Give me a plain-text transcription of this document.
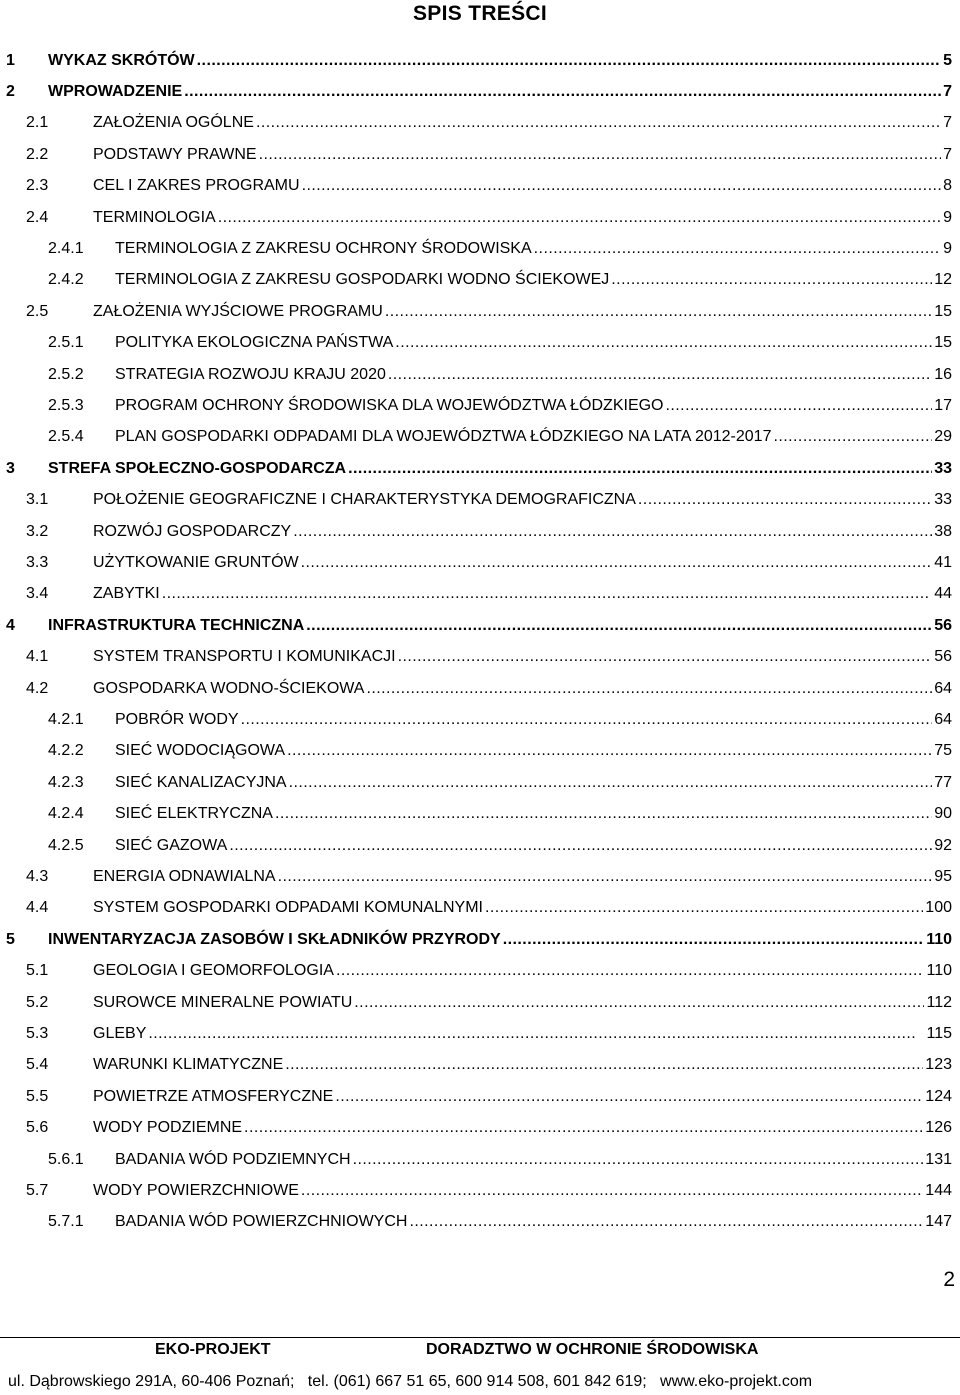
SPIS TREŚCI
1 WYKAZ SKRÓTÓW . . .	5
2 WPROWADZENIE . . .	7
2.1	ZAŁOŻENIA OGÓLNE . . .	7
2.2	PODSTAWY PRAWNE . . .	7
2.3	CEL I ZAKRES PROGRAMU . . .	8
2.4	TERMINOLOGIA . . .	9
2.4.1 TERMINOLOGIA Z ZAKRESU OCHRONY ŚRODOWISKA . . .	9
2.4.2 TERMINOLOGIA Z ZAKRESU GOSPODARKI WODNO ŚCIEKOWEJ . . .	12
2.5	ZAŁOŻENIA WYJŚCIOWE PROGRAMU . . .	15
2.5.1 POLITYKA EKOLOGICZNA PAŃSTWA . . .	15
2.5.2 STRATEGIA ROZWOJU KRAJU 2020 . . .	16
2.5.3 PROGRAM OCHRONY ŚRODOWISKA DLA WOJEWÓDZTWA ŁÓDZKIEGO . . .	17
2.5.4 PLAN GOSPODARKI ODPADAMI DLA WOJEWÓDZTWA ŁÓDZKIEGO NA LATA 2012-2017 . . .	29
3 STREFA SPOŁECZNO-GOSPODARCZA . . .	33
3.1	POŁOŻENIE GEOGRAFICZNE I CHARAKTERYSTYKA DEMOGRAFICZNA . . .	33
3.2	ROZWÓJ GOSPODARCZY . . .	38
3.3	UŻYTKOWANIE GRUNTÓW . . .	41
3.4	ZABYTKI . . .	44
4 INFRASTRUKTURA TECHNICZNA . . .	56
4.1	SYSTEM TRANSPORTU I KOMUNIKACJI . . .	56
4.2	GOSPODARKA WODNO-ŚCIEKOWA . . .	64
4.2.1 POBRÓR WODY . . .	64
4.2.2 SIEĆ WODOCIĄGOWA . . .	75
4.2.3 SIEĆ KANALIZACYJNA . . .	77
4.2.4 SIEĆ ELEKTRYCZNA . . .	90
4.2.5 SIEĆ GAZOWA . . .	92
4.3	ENERGIA ODNAWIALNA . . .	95
4.4	SYSTEM GOSPODARKI ODPADAMI KOMUNALNYMI . . .	100
5 INWENTARYZACJA ZASOBÓW I SKŁADNIKÓW PRZYRODY . . .	110
5.1	GEOLOGIA I GEOMORFOLOGIA . . .	110
5.2	SUROWCE MINERALNE POWIATU . . .	112
5.3	GLEBY . . .	115
5.4	WARUNKI KLIMATYCZNE . . .	123
5.5	POWIETRZE ATMOSFERYCZNE . . .	124
5.6	WODY PODZIEMNE . . .	126
5.6.1 BADANIA WÓD PODZIEMNYCH . . .	131
5.7	WODY POWIERZCHNIOWE . . .	144
5.7.1 BADANIA WÓD POWIERZCHNIOWYCH . . .	147
2
EKO-PROJEKT	DORADZTWO W OCHRONIE ŚRODOWISKA
ul. Dąbrowskiego 291A, 60-406 Poznań;   tel. (061) 667 51 65, 600 914 508, 601 842 619;   www.eko-projekt.com
